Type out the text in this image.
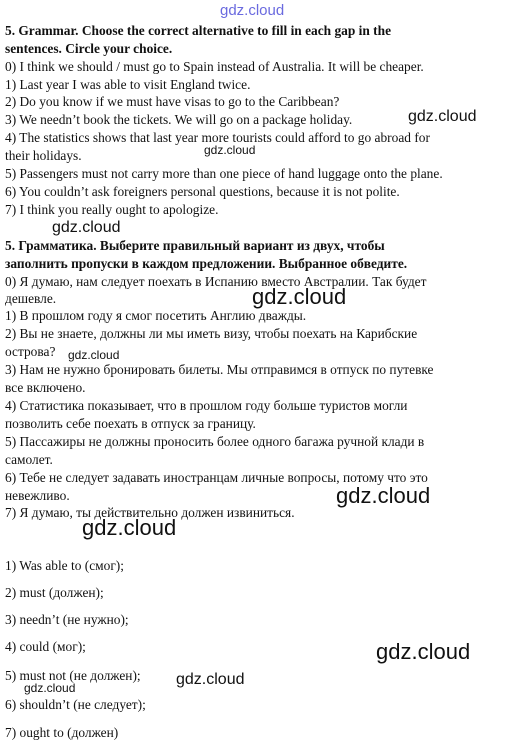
5. Grammar. Choose the correct alternative to fill in each gap in the
sentences. Circle your choice.
0) I think we should / must go to Spain instead of Australia. It will be cheaper.
1) Last year I was able to visit England twice.
2) Do you know if we must have visas to go to the Caribbean?
3) We needn’t book the tickets. We will go on a package holiday.
4) The statistics shows that last year more tourists could afford to go abroad for
their holidays.
5) Passengers must not carry more than one piece of hand luggage onto the plane.
6) You couldn’t ask foreigners personal questions, because it is not polite.
7) I think you really ought to apologize.
5. Грамматика. Выберите правильный вариант из двух, чтобы
заполнить пропуски в каждом предложении. Выбранное обведите.
0) Я думаю, нам следует поехать в Испанию вместо Австралии. Так будет
дешевле.
1) В прошлом году я смог посетить Англию дважды.
2) Вы не знаете, должны ли мы иметь визу, чтобы поехать на Карибские
острова?
3) Нам не нужно бронировать билеты. Мы отправимся в отпуск по путевке
все включено.
4) Статистика показывает, что в прошлом году больше туристов могли
позволить себе поехать в отпуск за границу.
5) Пассажиры не должны проносить более одного багажа ручной клади в
самолет.
6) Тебе не следует задавать иностранцам личные вопросы, потому что это
невежливо.
7) Я думаю, ты действительно должен извиниться.
1) Was able to (смог);
2) must (должен);
3) needn’t (не нужно);
4) could (мог);
5) must not (не должен);
6) shouldn’t (не следует);
7) ought to (должен)
gdz.cloud
gdz.cloud
gdz.cloud
gdz.cloud
gdz.cloud
gdz.cloud
gdz.cloud
gdz.cloud
gdz.cloud
gdz.cloud
gdz.cloud
